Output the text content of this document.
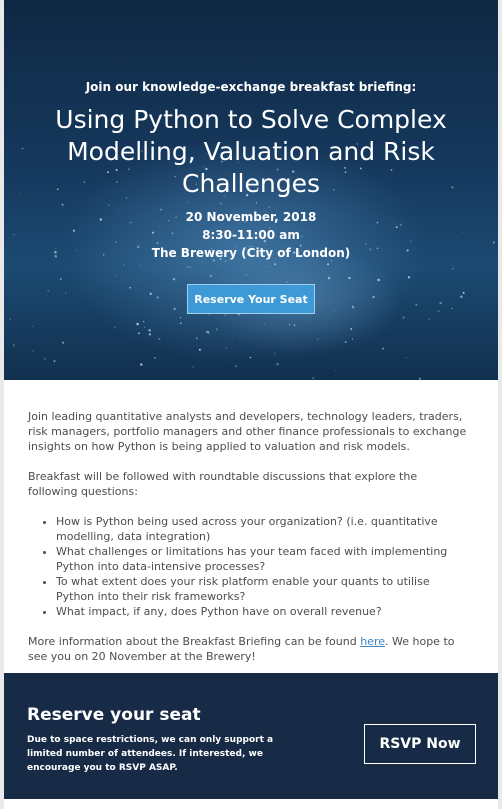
Join our knowledge-exchange breakfast briefing:
Using Python to Solve Complex Modelling, Valuation and Risk Challenges
20 November, 2018
8:30-11:00 am
The Brewery (City of London)
Reserve Your Seat

Join leading quantitative analysts and developers, technology leaders, traders, risk managers, portfolio managers and other finance professionals to exchange insights on how Python is being applied to valuation and risk models.

Breakfast will be followed with roundtable discussions that explore the following questions:

• How is Python being used across your organization? (i.e. quantitative modelling, data integration)
• What challenges or limitations has your team faced with implementing Python into data-intensive processes?
• To what extent does your risk platform enable your quants to utilise Python into their risk frameworks?
• What impact, if any, does Python have on overall revenue?

More information about the Breakfast Briefing can be found here. We hope to see you on 20 November at the Brewery!

Reserve your seat
Due to space restrictions, we can only support a limited number of attendees. If interested, we encourage you to RSVP ASAP.
RSVP Now
